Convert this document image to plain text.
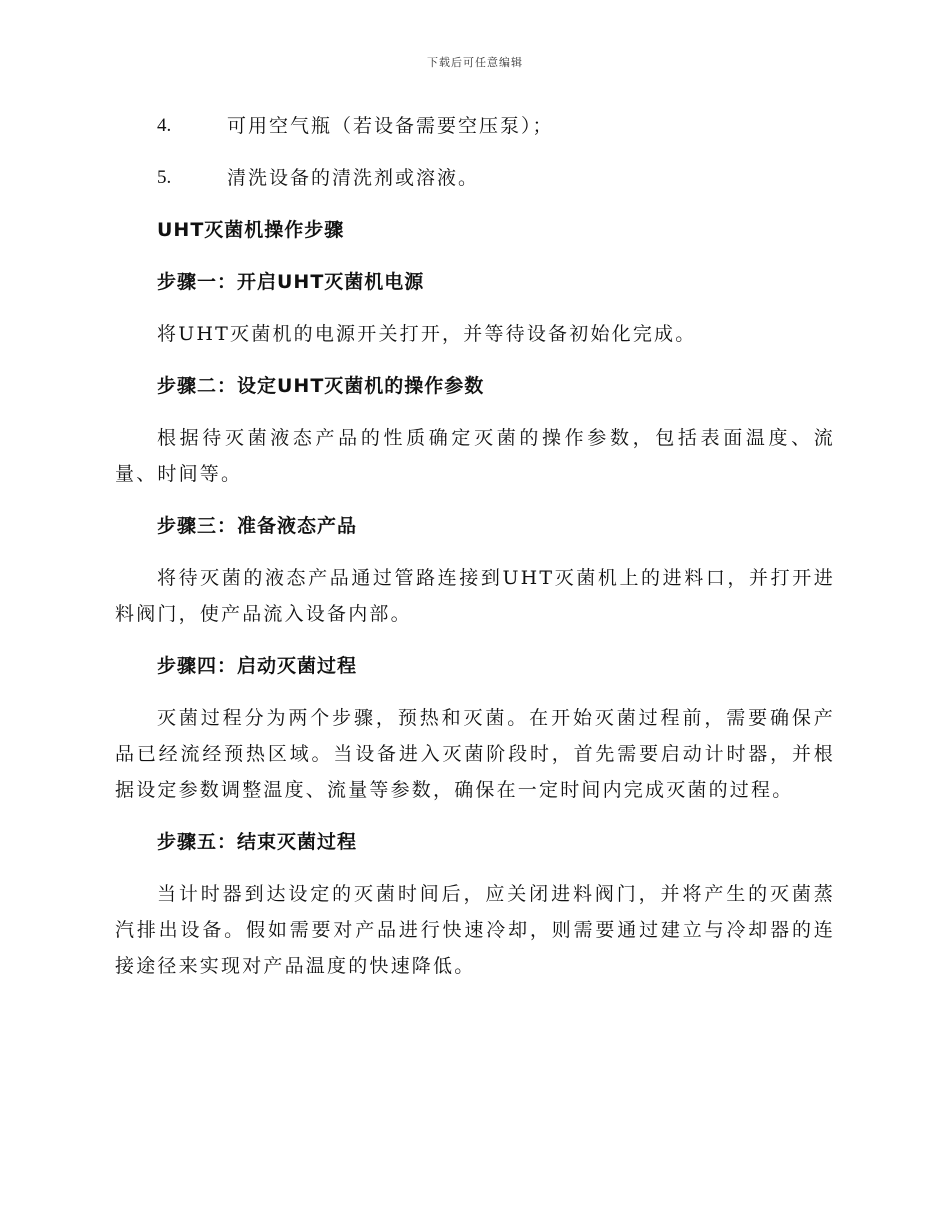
下载后可任意编辑
4.	可用空气瓶（若设备需要空压泵）；
5.	清洗设备的清洗剂或溶液。
UHT灭菌机操作步骤
步骤一：开启UHT灭菌机电源

将UHT灭菌机的电源开关打开，并等待设备初始化完成。

步骤二：设定UHT灭菌机的操作参数

根据待灭菌液态产品的性质确定灭菌的操作参数，包括表面温度、流量、时间等。

步骤三：准备液态产品

将待灭菌的液态产品通过管路连接到UHT灭菌机上的进料口，并打开进料阀门，使产品流入设备内部。

步骤四：启动灭菌过程

灭菌过程分为两个步骤，预热和灭菌。在开始灭菌过程前，需要确保产品已经流经预热区域。当设备进入灭菌阶段时，首先需要启动计时器，并根据设定参数调整温度、流量等参数，确保在一定时间内完成灭菌的过程。

步骤五：结束灭菌过程

当计时器到达设定的灭菌时间后，应关闭进料阀门，并将产生的灭菌蒸汽排出设备。假如需要对产品进行快速冷却，则需要通过建立与冷却器的连接途径来实现对产品温度的快速降低。
